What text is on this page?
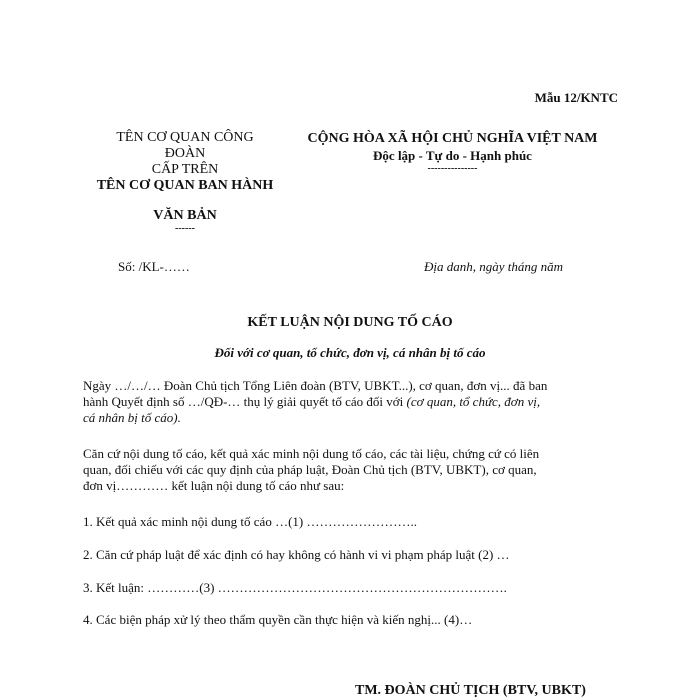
Mẫu 12/KNTC
TÊN CƠ QUAN CÔNG
ĐOÀN
CẤP TRÊN
TÊN CƠ QUAN BAN HÀNH
VĂN BẢN
------
CỘNG HÒA XÃ HỘI CHỦ NGHĨA VIỆT NAM
Độc lập - Tự do - Hạnh phúc
---------------
Số: /KL-……	Địa danh, ngày tháng năm
KẾT LUẬN NỘI DUNG TỐ CÁO
Đối với cơ quan, tổ chức, đơn vị, cá nhân bị tố cáo
Ngày …/…/… Đoàn Chủ tịch Tổng Liên đoàn (BTV, UBKT...), cơ quan, đơn vị... đã ban
hành Quyết định số …/QĐ-… thụ lý giải quyết tố cáo đối với (cơ quan, tổ chức, đơn vị,
cá nhân bị tố cáo).
Căn cứ nội dung tố cáo, kết quả xác minh nội dung tố cáo, các tài liệu, chứng cứ có liên
quan, đối chiếu với các quy định của pháp luật, Đoàn Chủ tịch (BTV, UBKT), cơ quan,
đơn vị………… kết luận nội dung tố cáo như sau:
1. Kết quả xác minh nội dung tố cáo …(1) ……………………..
2. Căn cứ pháp luật để xác định có hay không có hành vi vi phạm pháp luật (2) …
3. Kết luận: …………(3) ………………………………………………………….
4. Các biện pháp xử lý theo thẩm quyền cần thực hiện và kiến nghị... (4)…
TM. ĐOÀN CHỦ TỊCH (BTV, UBKT)
